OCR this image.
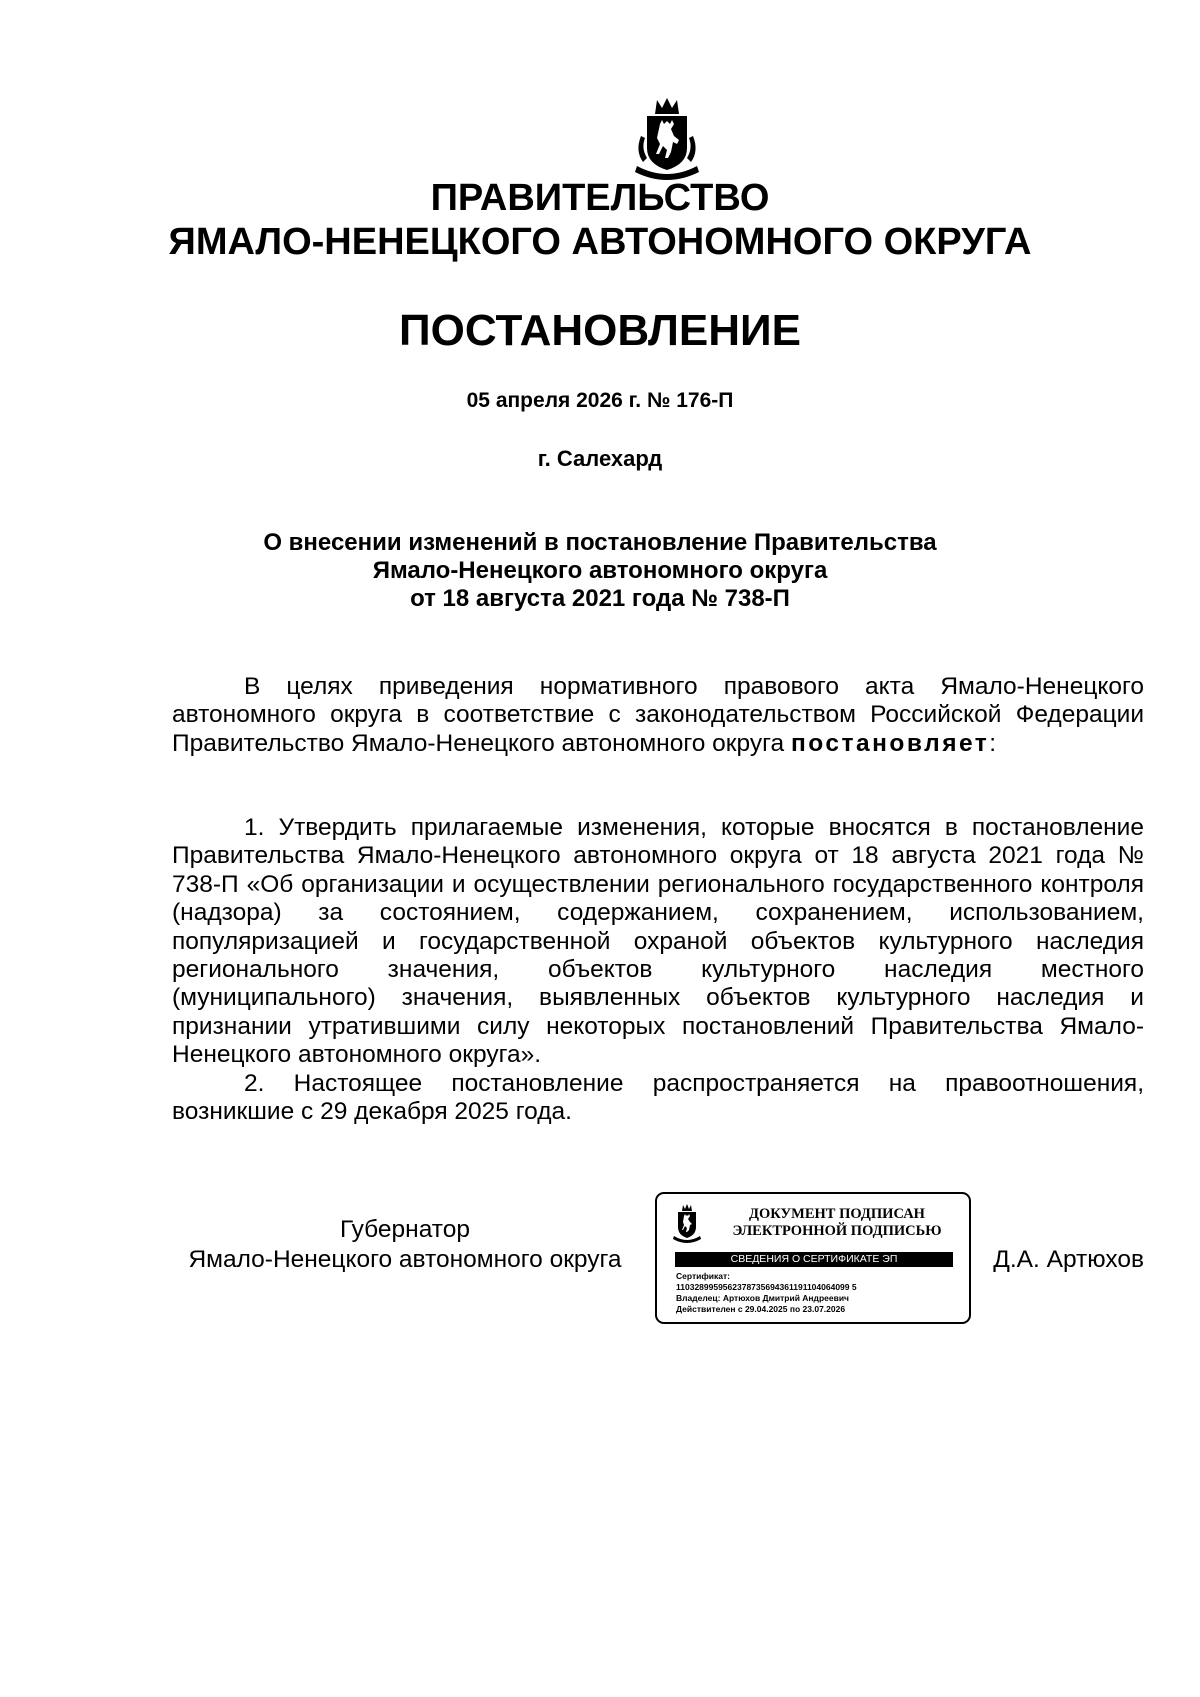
ПРАВИТЕЛЬСТВО
ЯМАЛО-НЕНЕЦКОГО АВТОНОМНОГО ОКРУГА
ПОСТАНОВЛЕНИЕ
05 апреля 2026 г. № 176-П
г. Салехард
О внесении изменений в постановление Правительства
Ямало-Ненецкого автономного округа
от 18 августа 2021 года № 738-П

В целях приведения нормативного правового акта Ямало-Ненецкого автономного округа в соответствие с законодательством Российской Федерации Правительство Ямало-Ненецкого автономного округа постановляет:

1. Утвердить прилагаемые изменения, которые вносятся в постановление Правительства Ямало-Ненецкого автономного округа от 18 августа 2021 года № 738-П «Об организации и осуществлении регионального государственного контроля (надзора) за состоянием, содержанием, сохранением, использованием, популяризацией и государственной охраной объектов культурного наследия регионального значения, объектов культурного наследия местного (муниципального) значения, выявленных объектов культурного наследия и признании утратившими силу некоторых постановлений Правительства Ямало-Ненецкого автономного округа».

2. Настоящее постановление распространяется на правоотношения, возникшие с 29 декабря 2025 года.

Губернатор
Ямало-Ненецкого автономного округа
ДОКУМЕНТ ПОДПИСАН
ЭЛЕКТРОННОЙ ПОДПИСЬЮ
СВЕДЕНИЯ О СЕРТИФИКАТЕ ЭП
Сертификат:
1103289959562378735694361191104064099 5
Владелец: Артюхов Дмитрий Андреевич
Действителен с 29.04.2025 по 23.07.2026
Д.А. Артюхов
